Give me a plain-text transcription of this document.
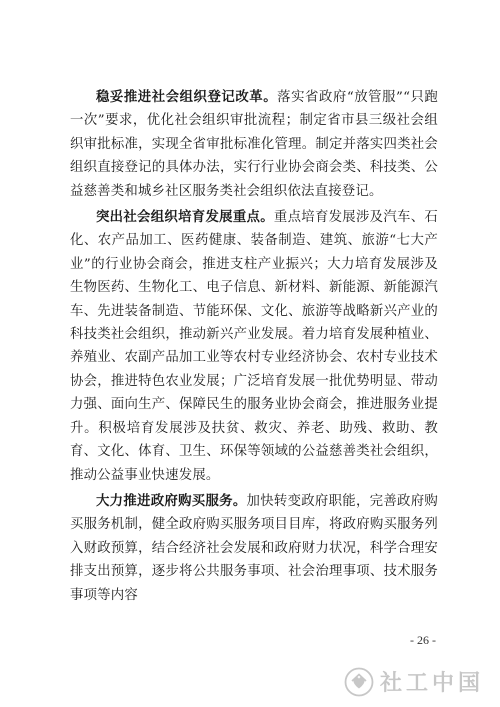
稳妥推进社会组织登记改革。落实省政府“放管服”“只跑一次”要求，优化社会组织审批流程；制定省市县三级社会组织审批标准，实现全省审批标准化管理。制定并落实四类社会组织直接登记的具体办法，实行行业协会商会类、科技类、公益慈善类和城乡社区服务类社会组织依法直接登记。

突出社会组织培育发展重点。重点培育发展涉及汽车、石化、农产品加工、医药健康、装备制造、建筑、旅游“七大产业”的行业协会商会，推进支柱产业振兴；大力培育发展涉及生物医药、生物化工、电子信息、新材料、新能源、新能源汽车、先进装备制造、节能环保、文化、旅游等战略新兴产业的科技类社会组织，推动新兴产业发展。着力培育发展种植业、养殖业、农副产品加工业等农村专业经济协会、农村专业技术协会，推进特色农业发展；广泛培育发展一批优势明显、带动力强、面向生产、保障民生的服务业协会商会，推进服务业提升。积极培育发展涉及扶贫、救灾、养老、助残、救助、教育、文化、体育、卫生、环保等领域的公益慈善类社会组织，推动公益事业快速发展。

大力推进政府购买服务。加快转变政府职能，完善政府购买服务机制，健全政府购买服务项目目库，将政府购买服务列入财政预算，结合经济社会发展和政府财力状况，科学合理安排支出预算，逐步将公共服务事项、社会治理事项、技术服务事项等内容

- 26 -
社工中国
